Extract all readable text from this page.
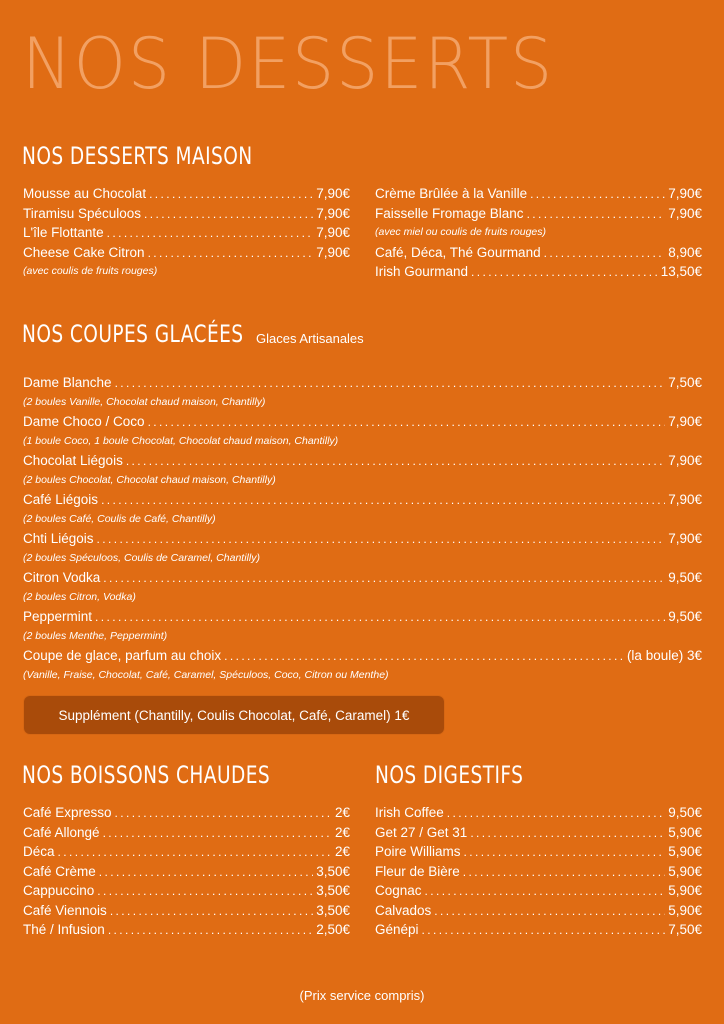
NOS DESSERTS
NOS DESSERTS MAISON
Mousse au Chocolat .....	7,90€
Tiramisu Spéculoos .....	7,90€
L'île Flottante .....	7,90€
Cheese Cake Citron .....	7,90€
(avec coulis de fruits rouges)
Crème Brûlée à la Vanille .....	7,90€
Faisselle Fromage Blanc .....	7,90€
(avec miel ou coulis de fruits rouges)
Café, Déca, Thé Gourmand .....	8,90€
Irish Gourmand .....	13,50€
NOS COUPES GLACÉES Glaces Artisanales
Dame Blanche .....	7,50€
(2 boules Vanille, Chocolat chaud maison, Chantilly)
Dame Choco / Coco .....	7,90€
(1 boule Coco, 1 boule Chocolat, Chocolat chaud maison, Chantilly)
Chocolat Liégois .....	7,90€
(2 boules Chocolat, Chocolat chaud maison, Chantilly)
Café Liégois .....	7,90€
(2 boules Café, Coulis de Café, Chantilly)
Chti Liégois .....	7,90€
(2 boules Spéculoos, Coulis de Caramel, Chantilly)
Citron Vodka .....	9,50€
(2 boules Citron, Vodka)
Peppermint .....	9,50€
(2 boules Menthe, Peppermint)
Coupe de glace, parfum au choix .....	(la boule) 3€
(Vanille, Fraise, Chocolat, Café, Caramel, Spéculoos, Coco, Citron ou Menthe)
Supplément (Chantilly, Coulis Chocolat, Café, Caramel) 1€
NOS BOISSONS CHAUDES
Café Expresso .....	2€
Café Allongé .....	2€
Déca .....	2€
Café Crème .....	3,50€
Cappuccino .....	3,50€
Café Viennois .....	3,50€
Thé / Infusion .....	2,50€
NOS DIGESTIFS
Irish Coffee .....	9,50€
Get 27 / Get 31 .....	5,90€
Poire Williams .....	5,90€
Fleur de Bière .....	5,90€
Cognac .....	5,90€
Calvados .....	5,90€
Génépi .....	7,50€
(Prix service compris)
